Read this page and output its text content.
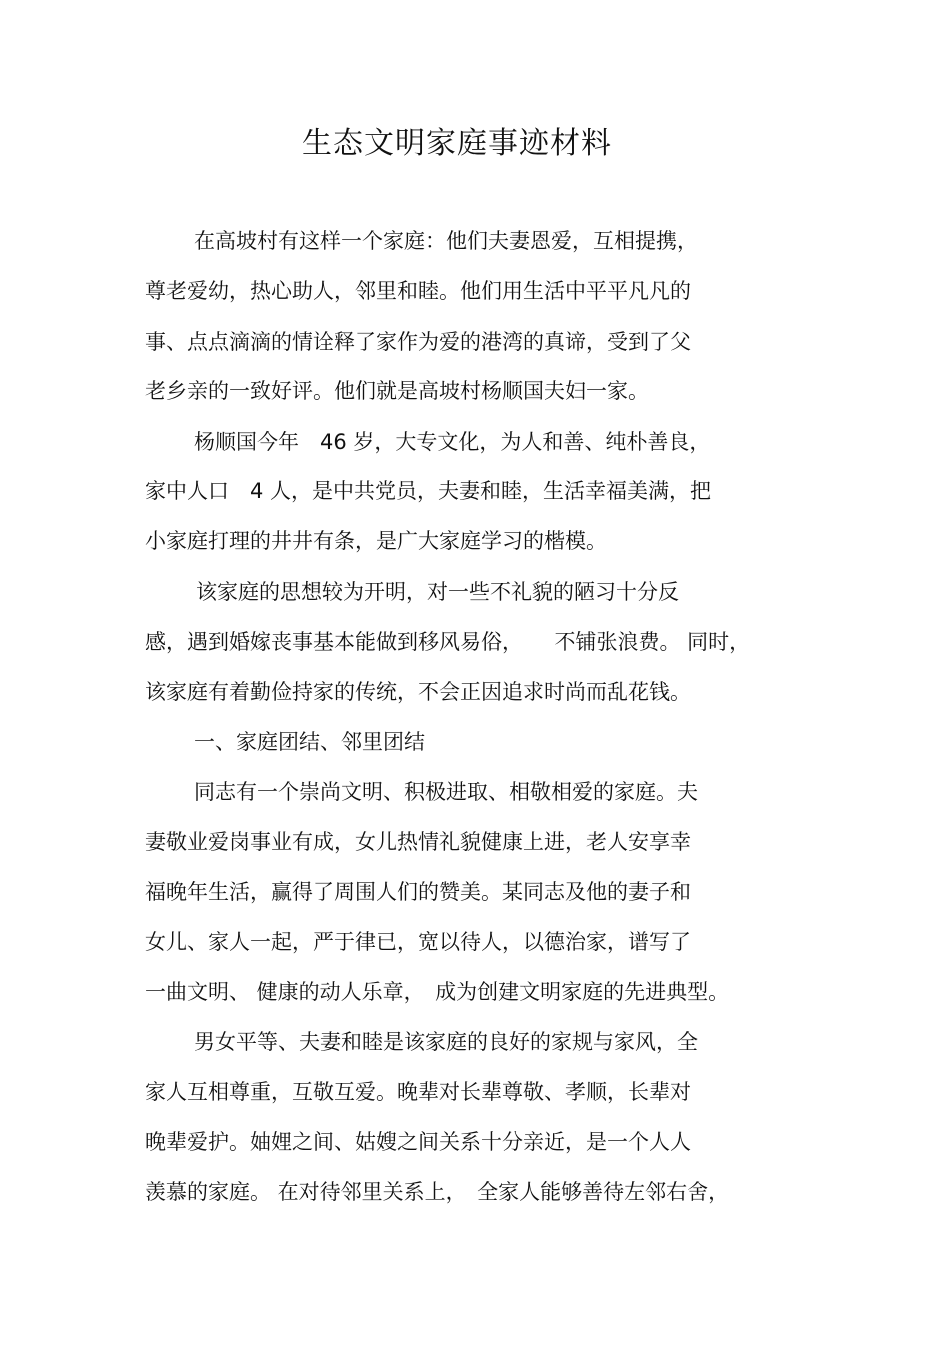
生态文明家庭事迹材料
在高坡村有这样一个家庭：他们夫妻恩爱，互相提携，
尊老爱幼，热心助人，邻里和睦。他们用生活中平平凡凡的
事、点点滴滴的情诠释了家作为爱的港湾的真谛，受到了父
老乡亲的一致好评。他们就是高坡村杨顺国夫妇一家。
杨顺国今年　46 岁，大专文化，为人和善、纯朴善良，
家中人口　4 人，是中共党员，夫妻和睦，生活幸福美满，把
小家庭打理的井井有条，是广大家庭学习的楷模。
该家庭的思想较为开明，对一些不礼貌的陋习十分反
感，遇到婚嫁丧事基本能做到移风易俗，　　不铺张浪费。 同时，
该家庭有着勤俭持家的传统，不会正因追求时尚而乱花钱。
一、家庭团结、邻里团结
同志有一个崇尚文明、积极进取、相敬相爱的家庭。夫
妻敬业爱岗事业有成，女儿热情礼貌健康上进，老人安享幸
福晚年生活，赢得了周围人们的赞美。某同志及他的妻子和
女儿、家人一起，严于律已，宽以待人，以德治家，谱写了
一曲文明、 健康的动人乐章，　成为创建文明家庭的先进典型。
男女平等、夫妻和睦是该家庭的良好的家规与家风，全
家人互相尊重，互敬互爱。晚辈对长辈尊敬、孝顺，长辈对
晚辈爱护。妯娌之间、姑嫂之间关系十分亲近，是一个人人
羡慕的家庭。 在对待邻里关系上，　全家人能够善待左邻右舍，
